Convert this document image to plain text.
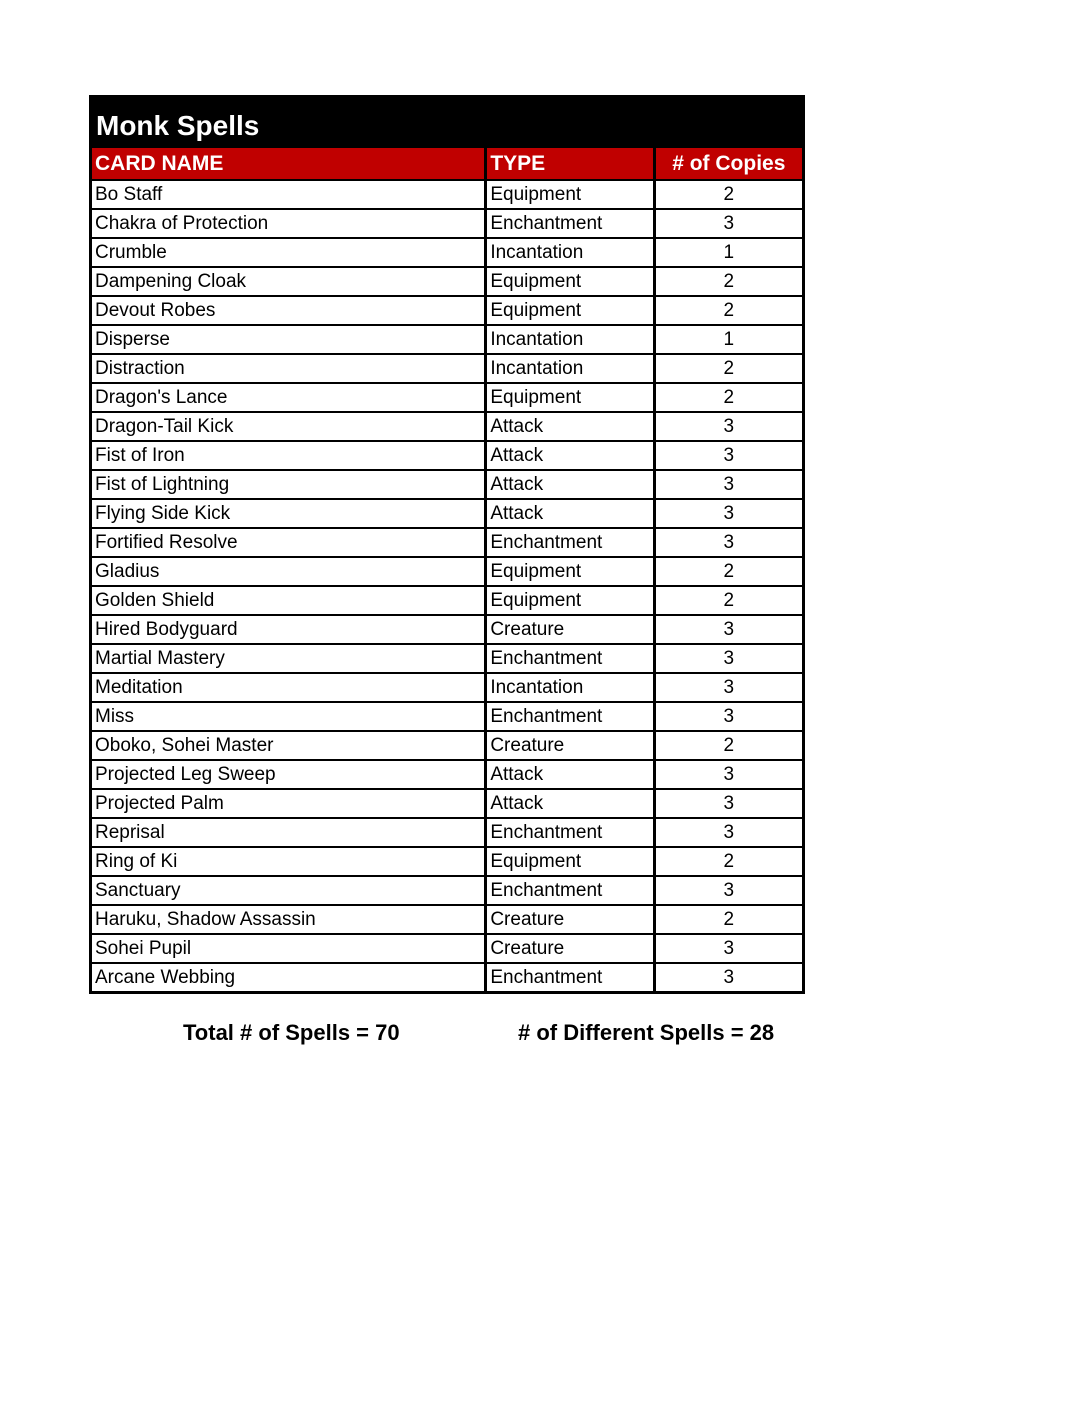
Monk Spells
CARD NAME	TYPE	# of Copies
Bo Staff	Equipment	2
Chakra of Protection	Enchantment	3
Crumble	Incantation	1
Dampening Cloak	Equipment	2
Devout Robes	Equipment	2
Disperse	Incantation	1
Distraction	Incantation	2
Dragon's Lance	Equipment	2
Dragon-Tail Kick	Attack	3
Fist of Iron	Attack	3
Fist of Lightning	Attack	3
Flying Side Kick	Attack	3
Fortified Resolve	Enchantment	3
Gladius	Equipment	2
Golden Shield	Equipment	2
Hired Bodyguard	Creature	3
Martial Mastery	Enchantment	3
Meditation	Incantation	3
Miss	Enchantment	3
Oboko, Sohei Master	Creature	2
Projected Leg Sweep	Attack	3
Projected Palm	Attack	3
Reprisal	Enchantment	3
Ring of Ki	Equipment	2
Sanctuary	Enchantment	3
Haruku, Shadow Assassin	Creature	2
Sohei Pupil	Creature	3
Arcane Webbing	Enchantment	3
Total # of Spells = 70	# of Different Spells = 28
